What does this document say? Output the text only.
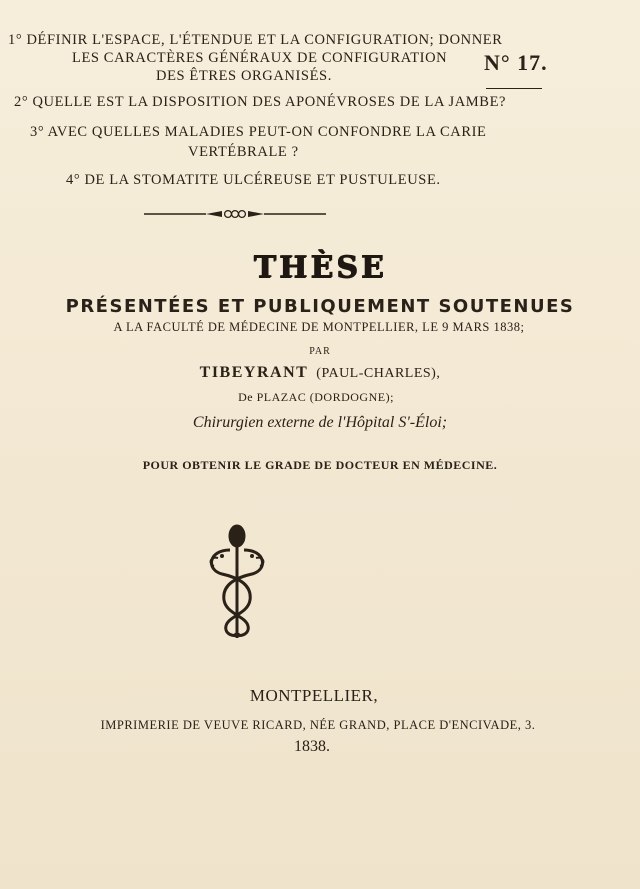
1° DÉFINIR L'ESPACE, L'ÉTENDUE ET LA CONFIGURATION; DONNER
LES CARACTÈRES GÉNÉRAUX DE CONFIGURATION
DES ÊTRES ORGANISÉS.
N° 17.
2° QUELLE EST LA DISPOSITION DES APONÉVROSES DE LA JAMBE?
3° AVEC QUELLES MALADIES PEUT-ON CONFONDRE LA CARIE
VERTÉBRALE ?
4° DE LA STOMATITE ULCÉREUSE ET PUSTULEUSE.
THÈSE
PRÉSENTÉES ET PUBLIQUEMENT SOUTENUES
A LA FACULTÉ DE MÉDECINE DE MONTPELLIER, LE 9 MARS 1838;
PAR
TIBEYRANT (PAUL-CHARLES),
De PLAZAC (DORDOGNE);
Chirurgien externe de l'Hôpital S'-Éloi;
POUR OBTENIR LE GRADE DE DOCTEUR EN MÉDECINE.
MONTPELLIER,
IMPRIMERIE DE VEUVE RICARD, NÉE GRAND, PLACE D'ENCIVADE, 3.
1838.
